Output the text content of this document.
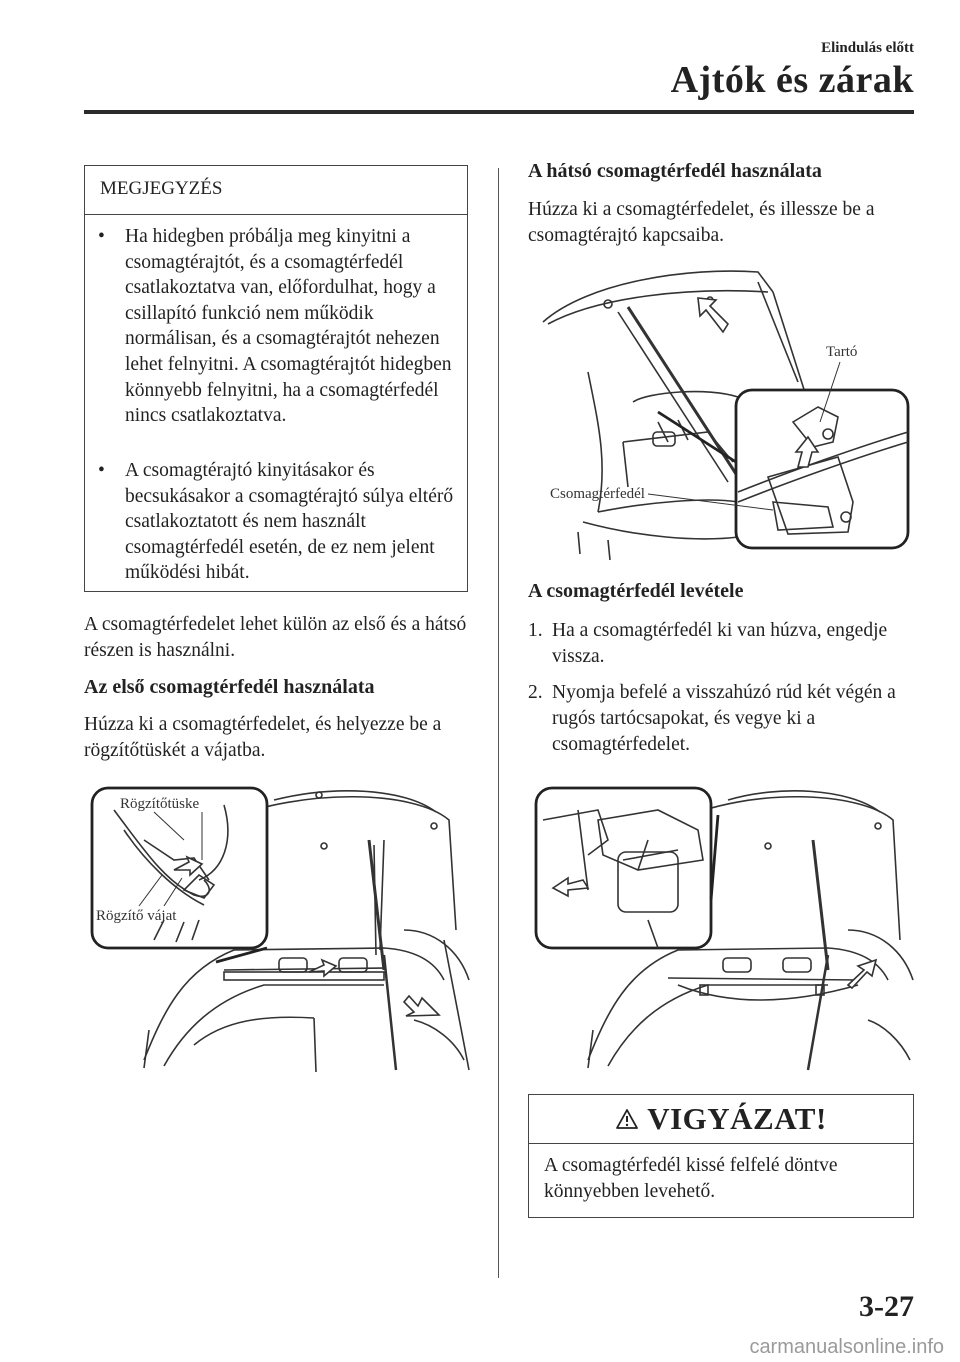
Elindulás előtt
Ajtók és zárak
MEGJEGYZÉS
• Ha hidegben próbálja meg kinyitni a csomagtérajtót, és a csomagtérfedél csatlakoztatva van, előfordulhat, hogy a csillapító funkció nem működik normálisan, és a csomagtérajtót nehezen lehet felnyitni. A csomagtérajtót hidegben könnyebb felnyitni, ha a csomagtérfedél nincs csatlakoztatva.
• A csomagtérajtó kinyitásakor és becsukásakor a csomagtérajtó súlya eltérő csatlakoztatott és nem használt csomagtérfedél esetén, de ez nem jelent működési hibát.
A csomagtérfedelet lehet külön az első és a hátsó részen is használni.
Az első csomagtérfedél használata
Húzza ki a csomagtérfedelet, és helyezze be a rögzítőtüskét a vájatba.
Rögzítőtüske
Rögzítő vájat
A hátsó csomagtérfedél használata
Húzza ki a csomagtérfedelet, és illessze be a csomagtérajtó kapcsaiba.
Tartó
Csomagtérfedél
A csomagtérfedél levétele
1. Ha a csomagtérfedél ki van húzva, engedje vissza.
2. Nyomja befelé a visszahúzó rúd két végén a rugós tartócsapokat, és vegye ki a csomagtérfedelet.
VIGYÁZAT!
A csomagtérfedél kissé felfelé döntve könnyebben levehető.
3-27
carmanualsonline.info
